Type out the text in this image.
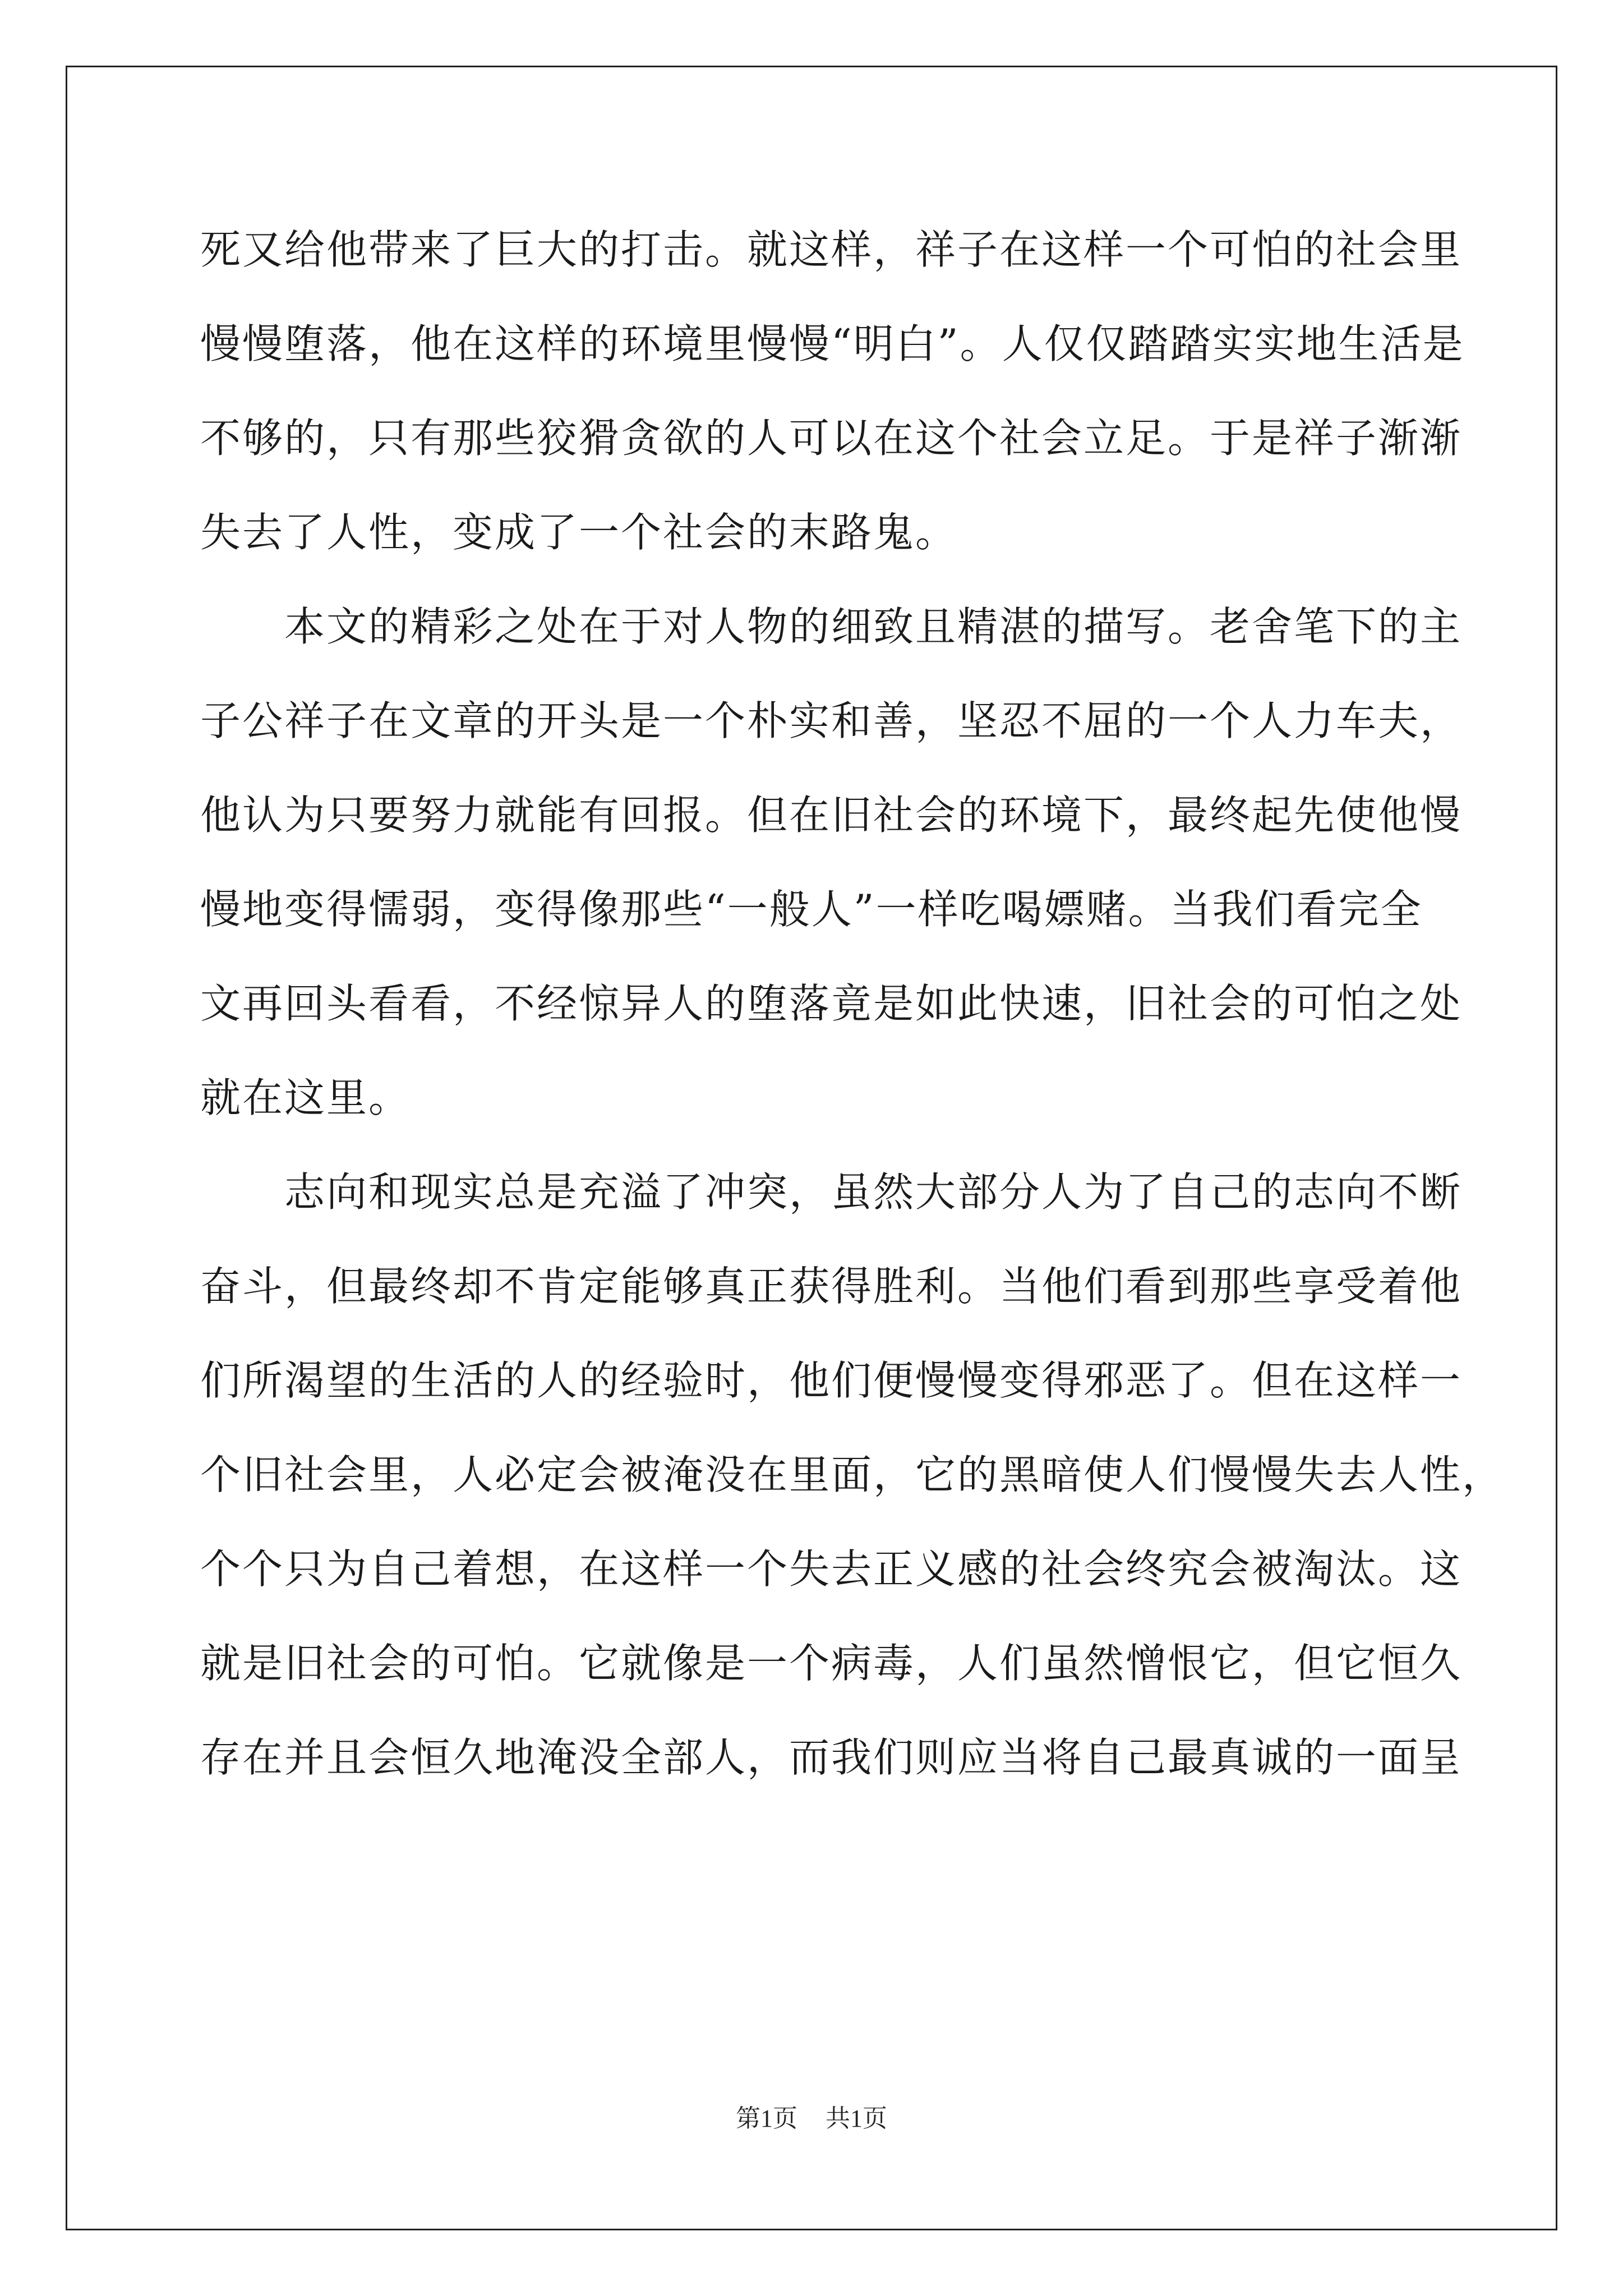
死又给他带来了巨大的打击。就这样，祥子在这样一个可怕的社会里
慢慢堕落，他在这样的环境里慢慢“明白”。人仅仅踏踏实实地生活是
不够的，只有那些狡猾贪欲的人可以在这个社会立足。于是祥子渐渐
失去了人性，变成了一个社会的末路鬼。
本文的精彩之处在于对人物的细致且精湛的描写。老舍笔下的主
子公祥子在文章的开头是一个朴实和善，坚忍不屈的一个人力车夫，
他认为只要努力就能有回报。但在旧社会的环境下，最终起先使他慢
慢地变得懦弱，变得像那些“一般人”一样吃喝嫖赌。当我们看完全
文再回头看看，不经惊异人的堕落竟是如此快速，旧社会的可怕之处
就在这里。
志向和现实总是充溢了冲突，虽然大部分人为了自己的志向不断
奋斗，但最终却不肯定能够真正获得胜利。当他们看到那些享受着他
们所渴望的生活的人的经验时，他们便慢慢变得邪恶了。但在这样一
个旧社会里，人必定会被淹没在里面，它的黑暗使人们慢慢失去人性，
个个只为自己着想，在这样一个失去正义感的社会终究会被淘汰。这
就是旧社会的可怕。它就像是一个病毒，人们虽然憎恨它，但它恒久
存在并且会恒久地淹没全部人，而我们则应当将自己最真诚的一面呈
第1页 共1页
